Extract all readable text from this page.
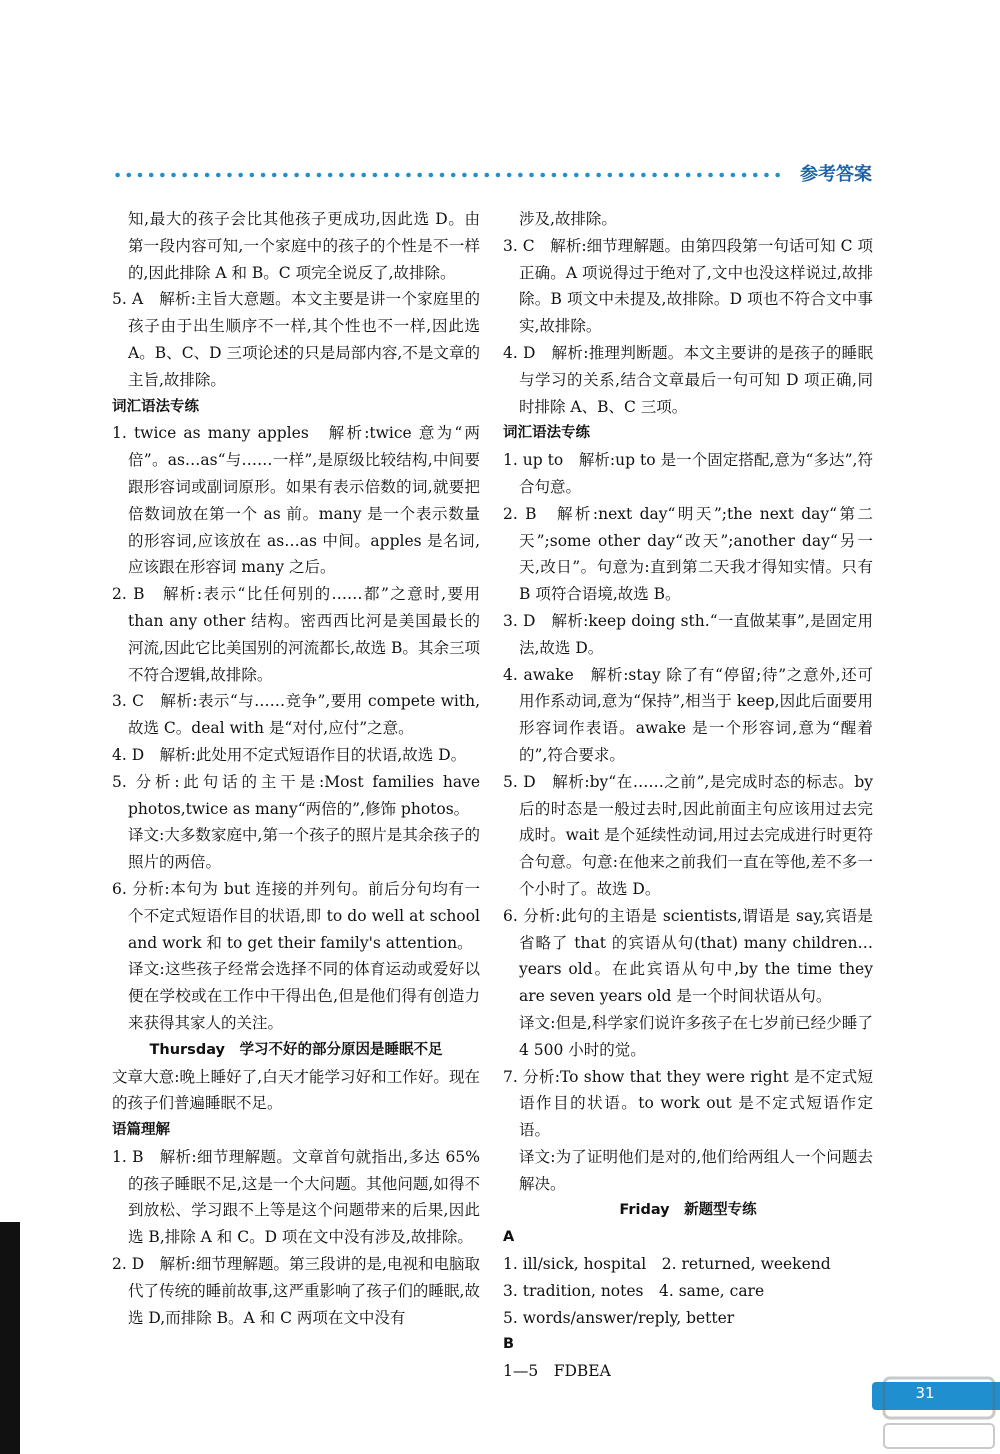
参考答案
知,最大的孩子会比其他孩子更成功,因此选 D。由第一段内容可知,一个家庭中的孩子的个性是不一样的,因此排除 A 和 B。C 项完全说反了,故排除。
5. A　解析:主旨大意题。本文主要是讲一个家庭里的孩子由于出生顺序不一样,其个性也不一样,因此选 A。B、C、D 三项论述的只是局部内容,不是文章的主旨,故排除。
词汇语法专练
1. twice as many apples　解析:twice 意为“两倍”。as…as“与……一样”,是原级比较结构,中间要跟形容词或副词原形。如果有表示倍数的词,就要把倍数词放在第一个 as 前。many 是一个表示数量的形容词,应该放在 as…as 中间。apples 是名词,应该跟在形容词 many 之后。
2. B　解析:表示“比任何别的……都”之意时,要用 than any other 结构。密西西比河是美国最长的河流,因此它比美国别的河流都长,故选 B。其余三项不符合逻辑,故排除。
3. C　解析:表示“与……竞争”,要用 compete with,故选 C。deal with 是“对付,应付”之意。
4. D　解析:此处用不定式短语作目的状语,故选 D。
5. 分析:此句话的主干是:Most families have photos,twice as many“两倍的”,修饰 photos。
译文:大多数家庭中,第一个孩子的照片是其余孩子的照片的两倍。
6. 分析:本句为 but 连接的并列句。前后分句均有一个不定式短语作目的状语,即 to do well at school and work 和 to get their family's attention。
译文:这些孩子经常会选择不同的体育运动或爱好以便在学校或在工作中干得出色,但是他们得有创造力来获得其家人的关注。
Thursday　学习不好的部分原因是睡眠不足
文章大意:晚上睡好了,白天才能学习好和工作好。现在的孩子们普遍睡眠不足。
语篇理解
1. B　解析:细节理解题。文章首句就指出,多达 65% 的孩子睡眠不足,这是一个大问题。其他问题,如得不到放松、学习跟不上等是这个问题带来的后果,因此选 B,排除 A 和 C。D 项在文中没有涉及,故排除。
2. D　解析:细节理解题。第三段讲的是,电视和电脑取代了传统的睡前故事,这严重影响了孩子们的睡眠,故选 D,而排除 B。A 和 C 两项在文中没有
涉及,故排除。
3. C　解析:细节理解题。由第四段第一句话可知 C 项正确。A 项说得过于绝对了,文中也没这样说过,故排除。B 项文中未提及,故排除。D 项也不符合文中事实,故排除。
4. D　解析:推理判断题。本文主要讲的是孩子的睡眠与学习的关系,结合文章最后一句可知 D 项正确,同时排除 A、B、C 三项。
词汇语法专练
1. up to　解析:up to 是一个固定搭配,意为“多达”,符合句意。
2. B　解析:next day“明天”;the next day“第二天”;some other day“改天”;another day“另一天,改日”。句意为:直到第二天我才得知实情。只有 B 项符合语境,故选 B。
3. D　解析:keep doing sth.“一直做某事”,是固定用法,故选 D。
4. awake　解析:stay 除了有“停留;待”之意外,还可用作系动词,意为“保持”,相当于 keep,因此后面要用形容词作表语。awake 是一个形容词,意为“醒着的”,符合要求。
5. D　解析:by“在……之前”,是完成时态的标志。by 后的时态是一般过去时,因此前面主句应该用过去完成时。wait 是个延续性动词,用过去完成进行时更符合句意。句意:在他来之前我们一直在等他,差不多一个小时了。故选 D。
6. 分析:此句的主语是 scientists,谓语是 say,宾语是省略了 that 的宾语从句(that) many children… years old。在此宾语从句中,by the time they are seven years old 是一个时间状语从句。
译文:但是,科学家们说许多孩子在七岁前已经少睡了 4 500 小时的觉。
7. 分析:To show that they were right 是不定式短语作目的状语。to work out 是不定式短语作定语。
译文:为了证明他们是对的,他们给两组人一个问题去解决。
Friday　新题型专练
A
1. ill/sick, hospital　2. returned, weekend
3. tradition, notes　4. same, care
5. words/answer/reply, better
B
1—5　FDBEA
31
